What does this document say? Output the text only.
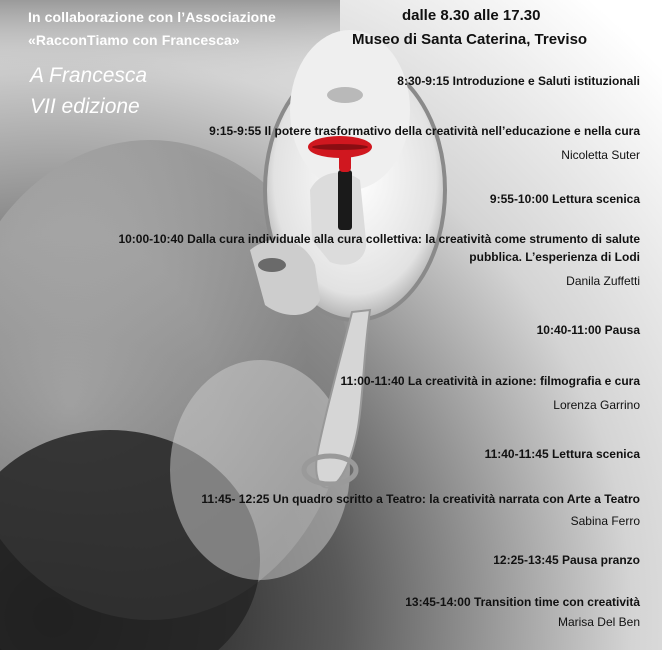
In collaborazione con l’Associazione
«RacconTiamo con Francesca»
A Francesca
VII edizione
dalle 8.30 alle 17.30
Museo di Santa Caterina, Treviso
8:30-9:15 Introduzione e Saluti istituzionali
9:15-9:55 Il potere trasformativo della creatività nell’educazione e nella cura
Nicoletta Suter
9:55-10:00 Lettura scenica
10:00-10:40 Dalla cura individuale alla cura collettiva: la creatività come strumento di salute
pubblica. L’esperienza di Lodi
Danila Zuffetti
10:40-11:00 Pausa
11:00-11:40 La creatività in azione: filmografia e cura
Lorenza Garrino
11:40-11:45 Lettura scenica
11:45- 12:25 Un quadro scritto a Teatro: la creatività narrata con Arte a Teatro
Sabina Ferro
12:25-13:45 Pausa pranzo
13:45-14:00 Transition time con creatività
Marisa Del Ben
